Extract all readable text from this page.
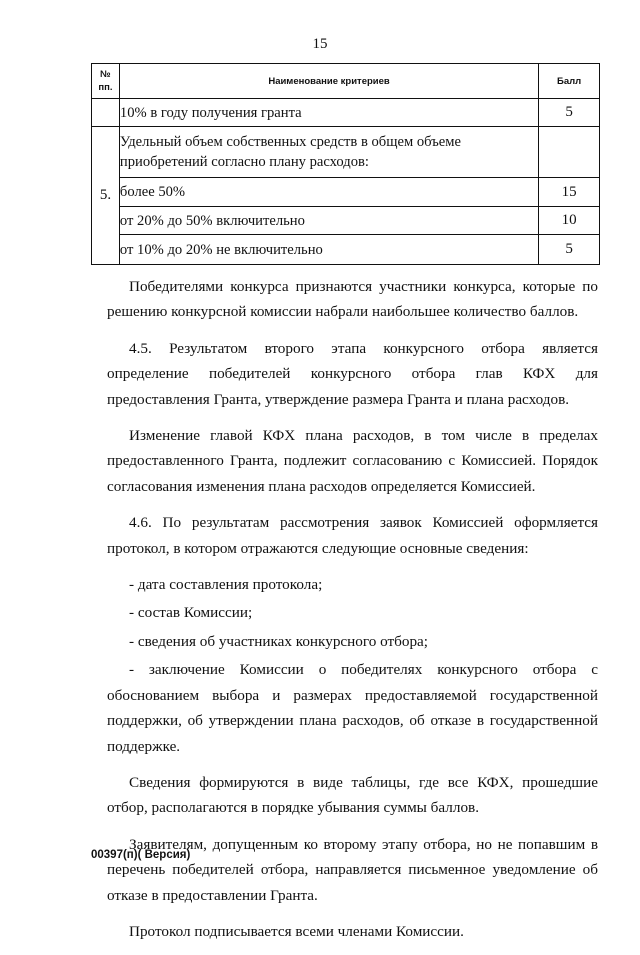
15
№ пп.	Наименование критериев	Балл
	10% в году получения гранта	5
5.	Удельный объем собственных средств в общем объеме приобретений согласно плану расходов:	
	более 50%	15
	от 20% до 50% включительно	10
	от 10% до 20% не включительно	5

Победителями конкурса признаются участники конкурса, которые по решению конкурсной комиссии набрали наибольшее количество баллов.

4.5. Результатом второго этапа конкурсного отбора является определение победителей конкурсного отбора глав КФХ для предоставления Гранта, утверждение размера Гранта и плана расходов.

Изменение главой КФХ плана расходов, в том числе в пределах предоставленного Гранта, подлежит согласованию с Комиссией. Порядок согласования изменения плана расходов определяется Комиссией.

4.6. По результатам рассмотрения заявок Комиссией оформляется протокол, в котором отражаются следующие основные сведения:

- дата составления протокола;

- состав Комиссии;

- сведения об участниках конкурсного отбора;

- заключение Комиссии о победителях конкурсного отбора с обоснованием выбора и размерах предоставляемой государственной поддержки, об утверждении плана расходов, об отказе в государственной поддержке.

Сведения формируются в виде таблицы, где все КФХ, прошедшие отбор, располагаются в порядке убывания суммы баллов.

Заявителям, допущенным ко второму этапу отбора, но не попавшим в перечень победителей отбора, направляется письменное уведомление об отказе в предоставлении Гранта.

Протокол подписывается всеми членами Комиссии.

00397(п)( Версия)
